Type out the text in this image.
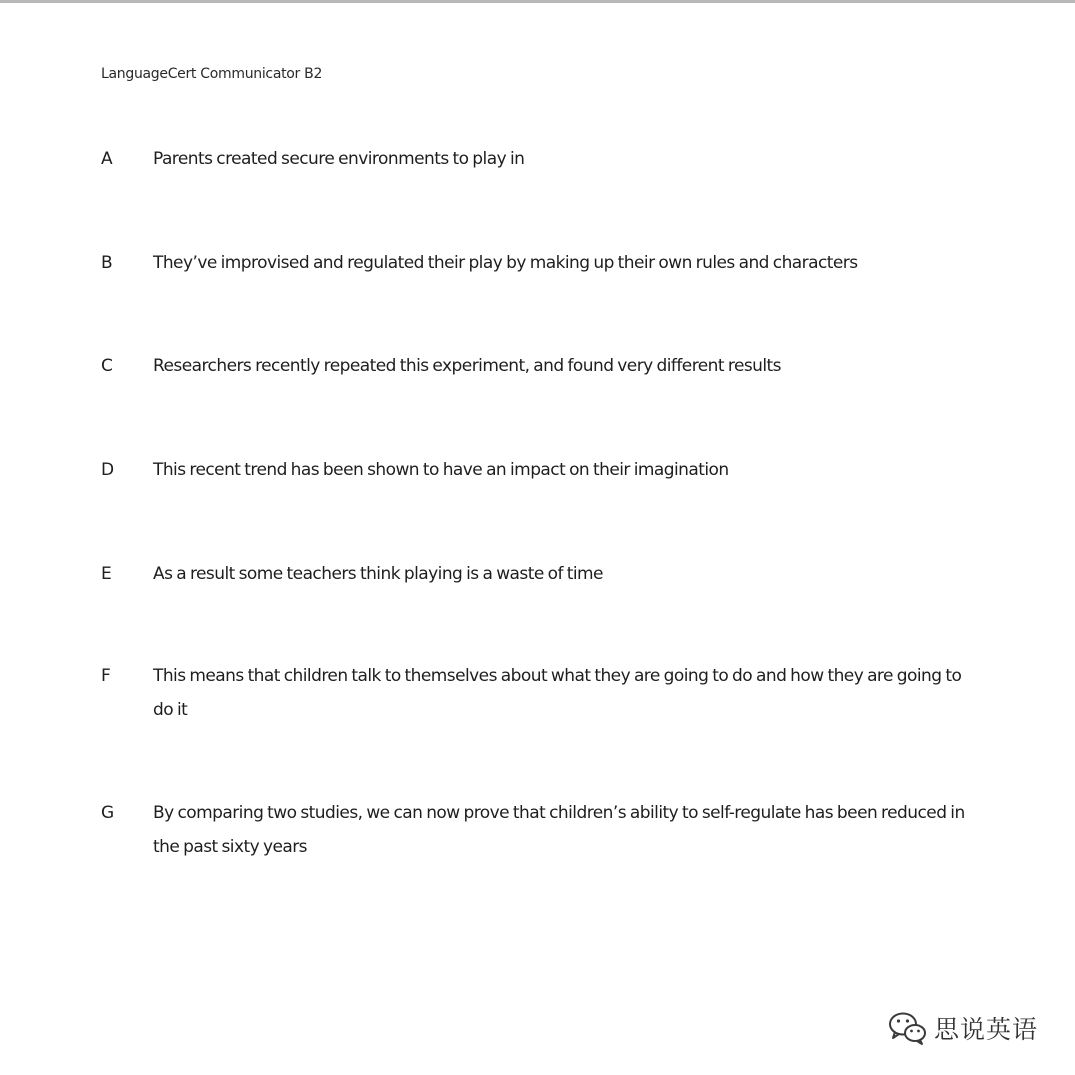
LanguageCert Communicator B2
A Parents created secure environments to play in
B They’ve improvised and regulated their play by making up their own rules and characters
C Researchers recently repeated this experiment, and found very different results
D This recent trend has been shown to have an impact on their imagination
E As a result some teachers think playing is a waste of time
F This means that children talk to themselves about what they are going to do and how they are going to do it
G By comparing two studies, we can now prove that children’s ability to self-regulate has been reduced in the past sixty years
思说英语
